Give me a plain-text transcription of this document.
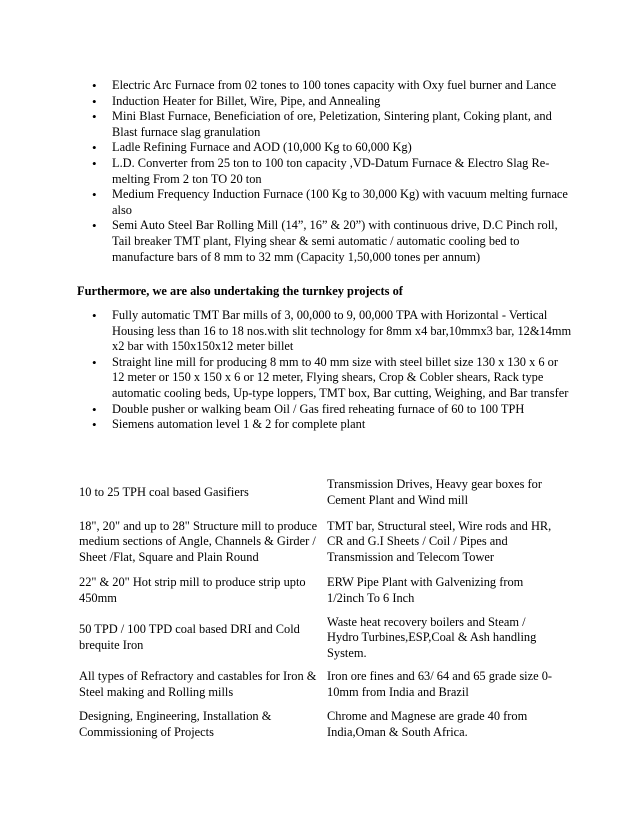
• Electric Arc Furnace from 02 tones to 100 tones capacity with Oxy fuel burner and Lance
• Induction Heater for Billet, Wire, Pipe, and Annealing
• Mini Blast Furnace, Beneficiation of ore, Peletization, Sintering plant, Coking plant, and Blast furnace slag granulation
• Ladle Refining Furnace and AOD (10,000 Kg to 60,000 Kg)
• L.D. Converter from 25 ton to 100 ton capacity ,VD-Datum Furnace & Electro Slag Re-melting From 2 ton TO 20 ton
• Medium Frequency Induction Furnace (100 Kg to 30,000 Kg) with vacuum melting furnace also
• Semi Auto Steel Bar Rolling Mill (14”, 16” & 20”) with continuous drive, D.C Pinch roll, Tail breaker TMT plant, Flying shear & semi automatic / automatic cooling bed to manufacture bars of 8 mm to 32 mm (Capacity 1,50,000 tones per annum)
Furthermore, we are also undertaking the turnkey projects of
• Fully automatic TMT Bar mills of 3, 00,000 to 9, 00,000 TPA with Horizontal - Vertical Housing less than 16 to 18 nos.with slit technology for 8mm x4 bar,10mmx3 bar, 12&14mm x2 bar with 150x150x12 meter billet
• Straight line mill for producing 8 mm to 40 mm size with steel billet size 130 x 130 x 6 or 12 meter or 150 x 150 x 6 or 12 meter, Flying shears, Crop & Cobler shears, Rack type automatic cooling beds, Up-type loppers, TMT box, Bar cutting, Weighing, and Bar transfer
• Double pusher or walking beam Oil / Gas fired reheating furnace of 60 to 100 TPH
• Siemens automation level 1 & 2 for complete plant
10 to 25 TPH coal based Gasifiers	Transmission Drives, Heavy gear boxes for Cement Plant and Wind mill
18", 20" and up to 28" Structure mill to produce medium sections of Angle, Channels & Girder / Sheet /Flat, Square and Plain Round	TMT bar, Structural steel, Wire rods and HR, CR and G.I Sheets / Coil / Pipes and Transmission and Telecom Tower
22" & 20" Hot strip mill to produce strip upto 450mm	ERW Pipe Plant with Galvenizing from 1/2inch To 6 Inch
50 TPD / 100 TPD coal based DRI and Cold brequite Iron	Waste heat recovery boilers and Steam / Hydro Turbines,ESP,Coal & Ash handling System.
All types of Refractory and castables for Iron & Steel making and Rolling mills	Iron ore fines and 63/ 64 and 65 grade size 0-10mm from India and Brazil
Designing, Engineering, Installation & Commissioning of Projects	Chrome and Magnese are grade 40 from India,Oman & South Africa.
